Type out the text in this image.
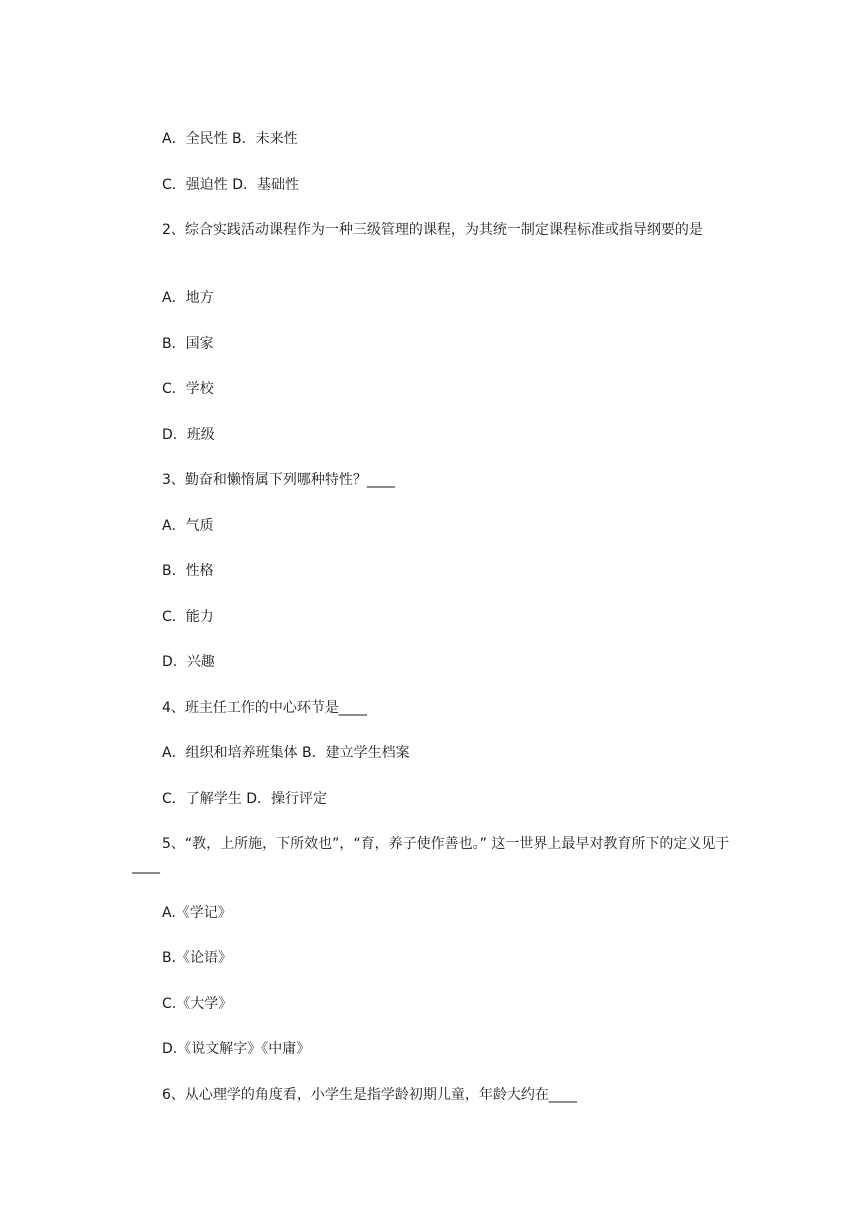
A．全民性 B．未来性
C．强迫性 D．基础性
2、综合实践活动课程作为一种三级管理的课程，为其统一制定课程标准或指导纲要的是
A．地方
B．国家
C．学校
D．班级
3、勤奋和懒惰属下列哪种特性？____
A．气质
B．性格
C．能力
D．兴趣
4、班主任工作的中心环节是____
A．组织和培养班集体 B．建立学生档案
C．了解学生 D．操行评定
5、“教，上所施，下所效也”，“育，养子使作善也。” 这一世界上最早对教育所下的定义见于____
A.《学记》
B.《论语》
C.《大学》
D.《说文解字》《中庸》
6、从心理学的角度看，小学生是指学龄初期儿童，年龄大约在____
